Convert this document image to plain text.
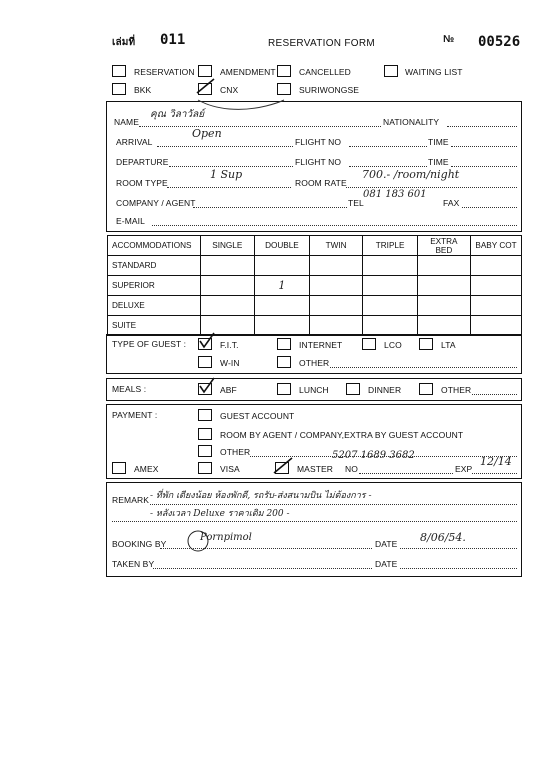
เล่มที่ 011	RESERVATION FORM	№ 00526
RESERVATION	AMENDMENT	CANCELLED	WAITING LIST
BKK	CNX	SURIWONGSE
NAME
คุณ วิลาวัลย์
NATIONALITY
ARRIVAL
Open
FLIGHT NO	TIME
DEPARTURE	FLIGHT NO	TIME
ROOM TYPE
1 Sup
ROOM RATE
700.- /room/night
COMPANY / AGENT	TEL
081 183 601
FAX
E-MAIL
ACCOMMODATIONS	SINGLE	DOUBLE	TWIN	TRIPLE	EXTRA BED	BABY COT
STANDARD						
SUPERIOR		1				
DELUXE						
SUITE						
TYPE OF GUEST :	F.I.T.	INTERNET	LCO	LTA
W-IN	OTHER
MEALS :	ABF	LUNCH	DINNER	OTHER
PAYMENT :	GUEST ACCOUNT
ROOM BY AGENT / COMPANY,EXTRA BY GUEST ACCOUNT
OTHER
AMEX	VISA	MASTER NO
5207 1689 3682
EXP
12/14
REMARK - ที่พัก เตียงน้อย ห้องพักดี, รถรับ-ส่งสนามบิน ไม่ต้องการ -
- หลังเวลา Deluxe ราคาเดิม 200 -
BOOKING BY
Pornpimol
DATE 8/06/54.
TAKEN BY	DATE
